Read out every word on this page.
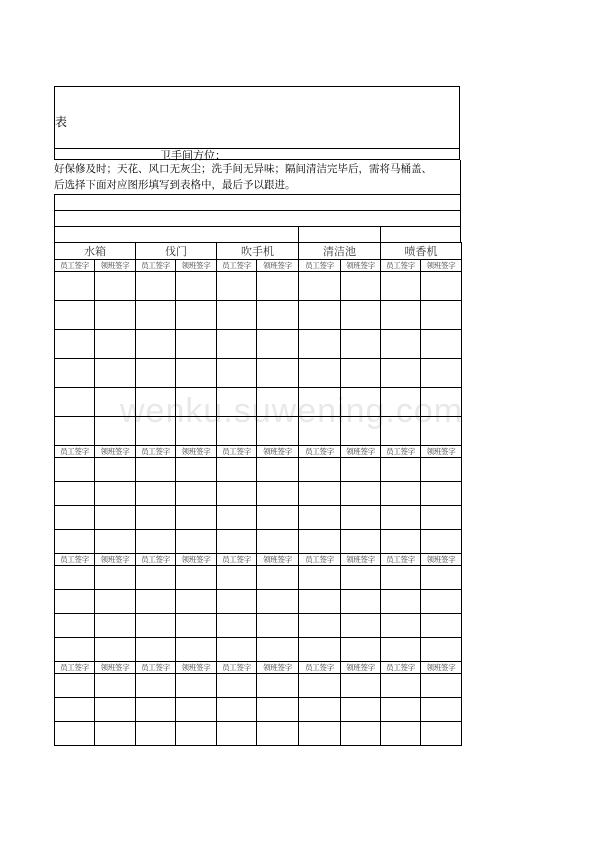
表
卫手间方位：
好保修及时；天花、风口无灰尘；洗手间无异味；隔间清洁完毕后，需将马桶盖、
后选择下面对应图形填写到表格中，最后予以跟进。
水箱		伐门		吹手机		清洁池		喷香机	
员工签字	领班签字	员工签字	领班签字	员工签字	领班签字	员工签字	领班签字	员工签字	领班签字

员工签字	领班签字	员工签字	领班签字	员工签字	领班签字	员工签字	领班签字	员工签字	领班签字

员工签字	领班签字	员工签字	领班签字	员工签字	领班签字	员工签字	领班签字	员工签字	领班签字

员工签字	领班签字	员工签字	领班签字	员工签字	领班签字	员工签字	领班签字	员工签字	领班签字

wenku.suwening.com
